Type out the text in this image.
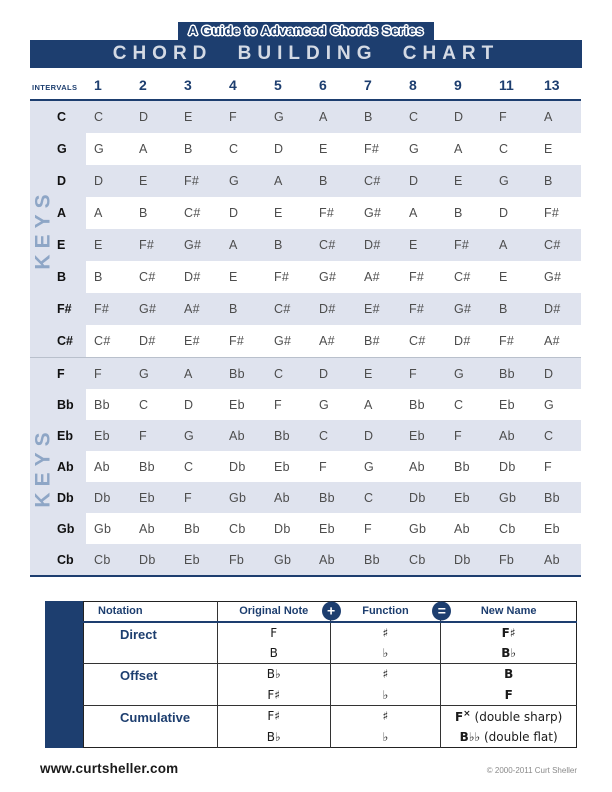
A Guide to Advanced Chords Series
CHORD BUILDING CHART
INTERVALS	1	2	3	4	5	6	7	8	9	11	13
KEYS
C	C	D	E	F	G	A	B	C	D	F	A
G	G	A	B	C	D	E	F#	G	A	C	E
D	D	E	F#	G	A	B	C#	D	E	G	B
A	A	B	C#	D	E	F#	G#	A	B	D	F#
E	E	F#	G#	A	B	C#	D#	E	F#	A	C#
B	B	C#	D#	E	F#	G#	A#	F#	C#	E	G#
F#	F#	G#	A#	B	C#	D#	E#	F#	G#	B	D#
C#	C#	D#	E#	F#	G#	A#	B#	C#	D#	F#	A#
KEYS
F	F	G	A	Bb	C	D	E	F	G	Bb	D
Bb	Bb	C	D	Eb	F	G	A	Bb	C	Eb	G
Eb	Eb	F	G	Ab	Bb	C	D	Eb	F	Ab	C
Ab	Ab	Bb	C	Db	Eb	F	G	Ab	Bb	Db	F
Db	Db	Eb	F	Gb	Ab	Bb	C	Db	Eb	Gb	Bb
Gb	Gb	Ab	Bb	Cb	Db	Eb	F	Gb	Ab	Cb	Eb
Cb	Cb	Db	Eb	Fb	Gb	Ab	Bb	Cb	Db	Fb	Ab
Notation	Original Note +	Function =	New Name
Direct	F	♯	F♯
	B	♭	B♭
Offset	B♭	♯	B
	F♯	♭	F
Cumulative	F♯	♯	F× (double sharp)
	B♭	♭	B♭♭ (double flat)
www.curtsheller.com	© 2000-2011 Curt Sheller
